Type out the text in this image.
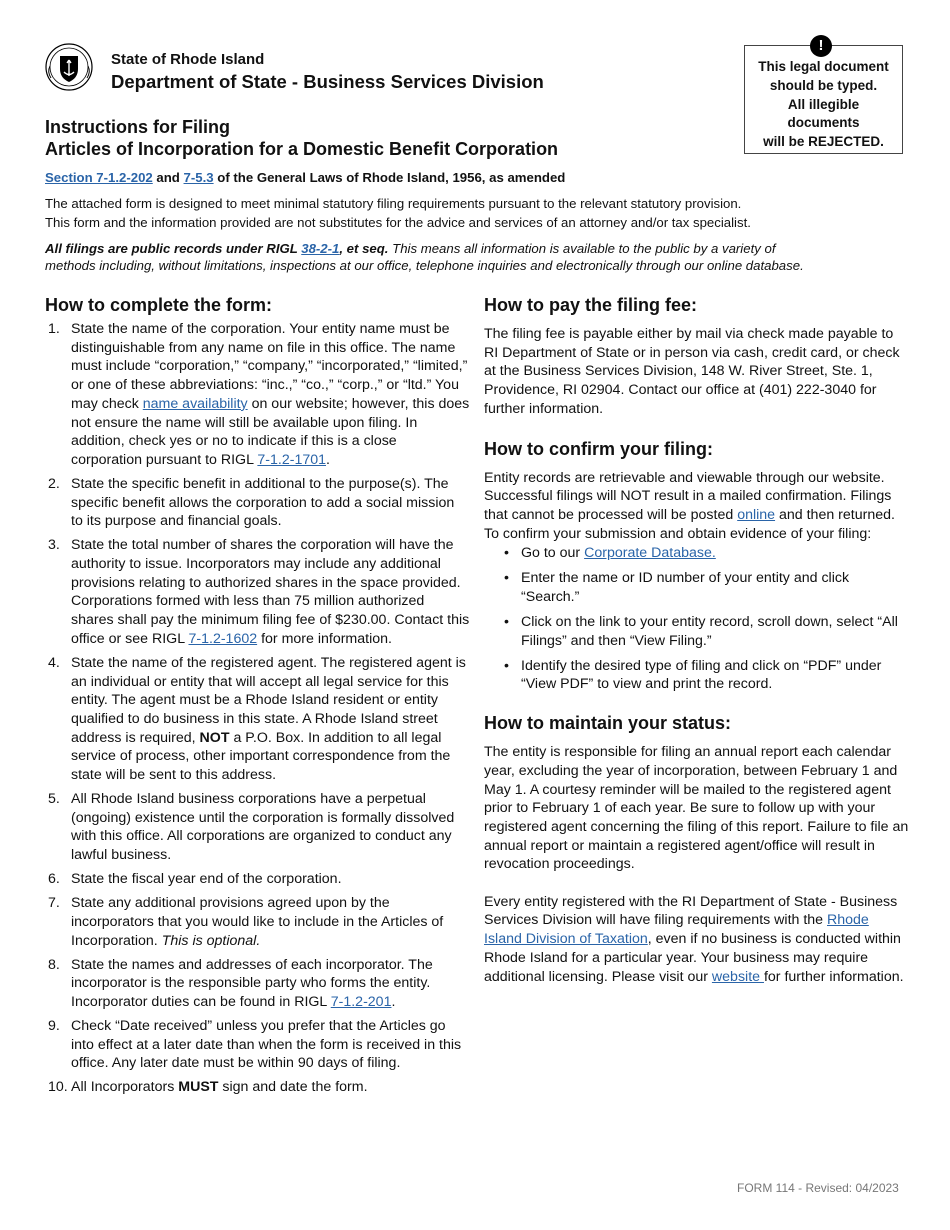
State of Rhode Island
Department of State - Business Services Division
This legal document
should be typed.
All illegible
documents
will be REJECTED.
!
Instructions for Filing
Articles of Incorporation for a Domestic Benefit Corporation
Section 7-1.2-202 and 7-5.3 of the General Laws of Rhode Island, 1956, as amended
The attached form is designed to meet minimal statutory filing requirements pursuant to the relevant statutory provision.
This form and the information provided are not substitutes for the advice and services of an attorney and/or tax specialist.
All filings are public records under RIGL 38-2-1, et seq. This means all information is available to the public by a variety of methods including, without limitations, inspections at our office, telephone inquiries and electronically through our online database.
How to complete the form:
1. State the name of the corporation. Your entity name must be distinguishable from any name on file in this office. The name must include “corporation,” “company,” “incorporated,” “limited,” or one of these abbreviations: “inc.,” “co.,” “corp.,” or “ltd.” You may check name availability on our website; however, this does not ensure the name will still be available upon filing. In addition, check yes or no to indicate if this is a close corporation pursuant to RIGL 7-1.2-1701.
2. State the specific benefit in additional to the purpose(s). The specific benefit allows the corporation to add a social mission to its purpose and financial goals.
3. State the total number of shares the corporation will have the authority to issue. Incorporators may include any additional provisions relating to authorized shares in the space provided. Corporations formed with less than 75 million authorized shares shall pay the minimum filing fee of $230.00. Contact this office or see RIGL 7-1.2-1602 for more information.
4. State the name of the registered agent. The registered agent is an individual or entity that will accept all legal service for this entity. The agent must be a Rhode Island resident or entity qualified to do business in this state. A Rhode Island street address is required, NOT a P.O. Box. In addition to all legal service of process, other important correspondence from the state will be sent to this address.
5. All Rhode Island business corporations have a perpetual (ongoing) existence until the corporation is formally dissolved with this office. All corporations are organized to conduct any lawful business.
6. State the fiscal year end of the corporation.
7. State any additional provisions agreed upon by the incorporators that you would like to include in the Articles of Incorporation. This is optional.
8. State the names and addresses of each incorporator. The incorporator is the responsible party who forms the entity. Incorporator duties can be found in RIGL 7-1.2-201.
9. Check “Date received” unless you prefer that the Articles go into effect at a later date than when the form is received in this office. Any later date must be within 90 days of filing.
10. All Incorporators MUST sign and date the form.
How to pay the filing fee:

The filing fee is payable either by mail via check made payable to RI Department of State or in person via cash, credit card, or check at the Business Services Division, 148 W. River Street, Ste. 1, Providence, RI 02904. Contact our office at (401) 222-3040 for further information.

How to confirm your filing:

Entity records are retrievable and viewable through our website. Successful filings will NOT result in a mailed confirmation. Filings that cannot be processed will be posted online and then returned. To confirm your submission and obtain evidence of your filing:

• Go to our Corporate Database.
• Enter the name or ID number of your entity and click “Search.”
• Click on the link to your entity record, scroll down, select “All Filings” and then “View Filing.”
• Identify the desired type of filing and click on “PDF” under “View PDF” to view and print the record.
How to maintain your status:

The entity is responsible for filing an annual report each calendar year, excluding the year of incorporation, between February 1 and May 1. A courtesy reminder will be mailed to the registered agent prior to February 1 of each year. Be sure to follow up with your registered agent concerning the filing of this report. Failure to file an annual report or maintain a registered agent/office will result in revocation proceedings.

Every entity registered with the RI Department of State - Business Services Division will have filing requirements with the Rhode Island Division of Taxation, even if no business is conducted within Rhode Island for a particular year. Your business may require additional licensing. Please visit our website for further information.

FORM 114 - Revised: 04/2023
